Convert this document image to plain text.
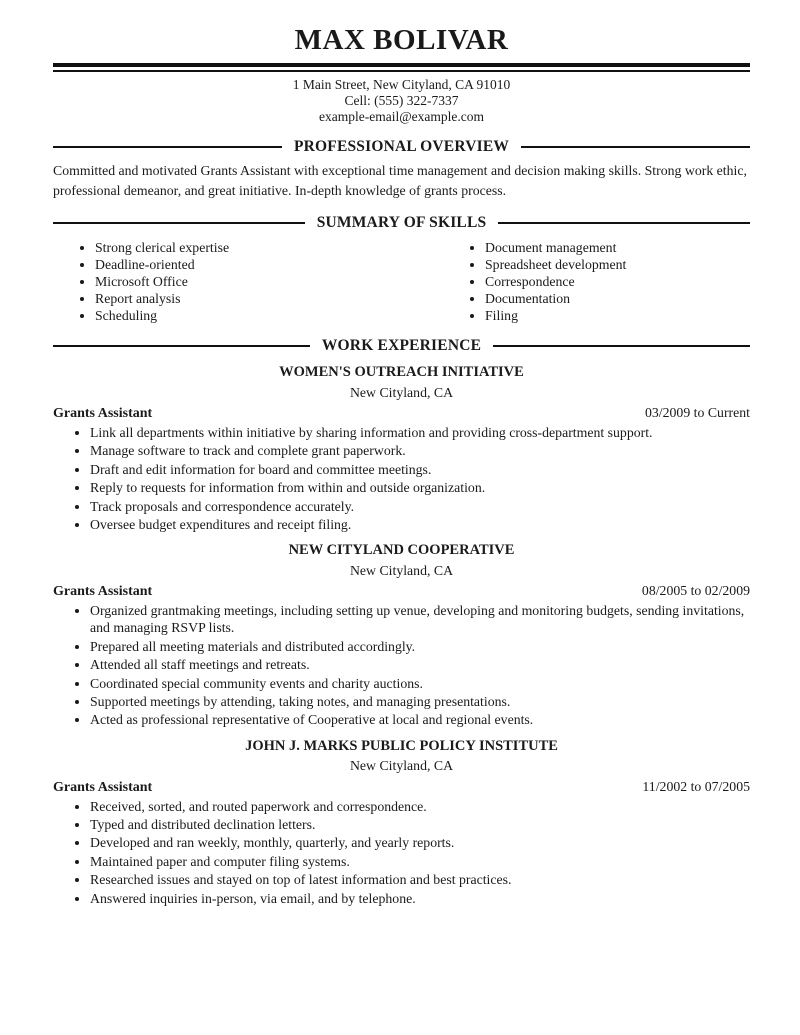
MAX BOLIVAR
1 Main Street, New Cityland, CA 91010
Cell: (555) 322-7337
example-email@example.com
PROFESSIONAL OVERVIEW

Committed and motivated Grants Assistant with exceptional time management and decision making skills. Strong work ethic, professional demeanor, and great initiative. In-depth knowledge of grants process.

SUMMARY OF SKILLS
• Strong clerical expertise
• Deadline-oriented
• Microsoft Office
• Report analysis
• Scheduling
• Document management
• Spreadsheet development
• Correspondence
• Documentation
• Filing
WORK EXPERIENCE
WOMEN'S OUTREACH INITIATIVE
New Cityland, CA
Grants Assistant	03/2009 to Current
• Link all departments within initiative by sharing information and providing cross-department support.
• Manage software to track and complete grant paperwork.
• Draft and edit information for board and committee meetings.
• Reply to requests for information from within and outside organization.
• Track proposals and correspondence accurately.
• Oversee budget expenditures and receipt filing.
NEW CITYLAND COOPERATIVE
New Cityland, CA
Grants Assistant	08/2005 to 02/2009
• Organized grantmaking meetings, including setting up venue, developing and monitoring budgets, sending invitations, and managing RSVP lists.
• Prepared all meeting materials and distributed accordingly.
• Attended all staff meetings and retreats.
• Coordinated special community events and charity auctions.
• Supported meetings by attending, taking notes, and managing presentations.
• Acted as professional representative of Cooperative at local and regional events.
JOHN J. MARKS PUBLIC POLICY INSTITUTE
New Cityland, CA
Grants Assistant	11/2002 to 07/2005
• Received, sorted, and routed paperwork and correspondence.
• Typed and distributed declination letters.
• Developed and ran weekly, monthly, quarterly, and yearly reports.
• Maintained paper and computer filing systems.
• Researched issues and stayed on top of latest information and best practices.
• Answered inquiries in-person, via email, and by telephone.
